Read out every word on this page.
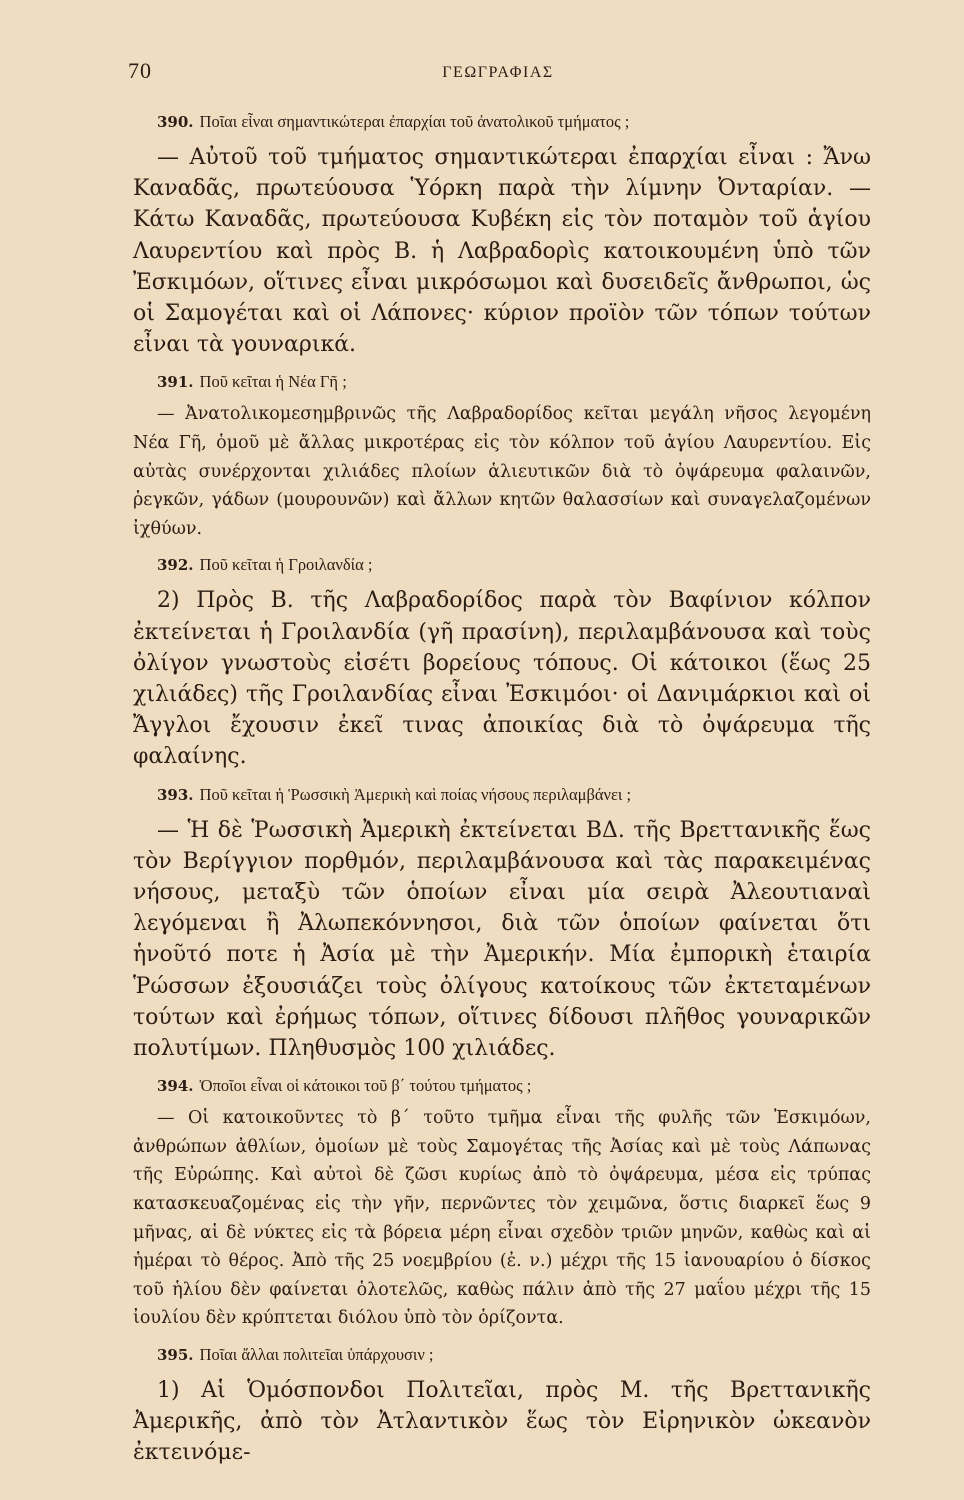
70	ΓΕΩΓΡΑΦΙΑΣ

390. Ποῖαι εἶναι σημαντικώτεραι ἐπαρχίαι τοῦ ἀνατολικοῦ τμήματος ;

— Αὐτοῦ τοῦ τμήματος σημαντικώτεραι ἐπαρχίαι εἶναι : Ἄνω Καναδᾶς, πρωτεύουσα Ὑόρκη παρὰ τὴν λίμνην Ὀνταρίαν. — Κάτω Καναδᾶς, πρωτεύουσα Κυβέκη εἰς τὸν ποταμὸν τοῦ ἁγίου Λαυρεντίου καὶ πρὸς Β. ἡ Λαβραδορὶς κατοικουμένη ὑπὸ τῶν Ἐσκιμόων, οἵτινες εἶναι μικρόσωμοι καὶ δυσειδεῖς ἄνθρωποι, ὡς οἱ Σαμογέται καὶ οἱ Λάπονες· κύριον προϊὸν τῶν τόπων τούτων εἶναι τὰ γουναρικά.

391. Ποῦ κεῖται ἡ Νέα Γῆ ;

— Ἀνατολικομεσημβρινῶς τῆς Λαβραδορίδος κεῖται μεγάλη νῆσος λεγομένη Νέα Γῆ, ὁμοῦ μὲ ἄλλας μικροτέρας εἰς τὸν κόλπον τοῦ ἁγίου Λαυρεντίου. Εἰς αὐτὰς συνέρχονται χιλιάδες πλοίων ἁλιευτικῶν διὰ τὸ ὀψάρευμα φαλαινῶν, ῥεγκῶν, γάδων (μουρουνῶν) καὶ ἄλλων κητῶν θαλασσίων καὶ συναγελαζομένων ἰχθύων.

392. Ποῦ κεῖται ἡ Γροιλανδία ;

2) Πρὸς Β. τῆς Λαβραδορίδος παρὰ τὸν Βαφίνιον κόλπον ἐκτείνεται ἡ Γροιλανδία (γῆ πρασίνη), περιλαμβάνουσα καὶ τοὺς ὀλίγον γνωστοὺς εἰσέτι βορείους τόπους. Οἱ κάτοικοι (ἕως 25 χιλιάδες) τῆς Γροιλανδίας εἶναι Ἐσκιμόοι· οἱ Δανιμάρκιοι καὶ οἱ Ἄγγλοι ἔχουσιν ἐκεῖ τινας ἀποικίας διὰ τὸ ὀψάρευμα τῆς φαλαίνης.

393. Ποῦ κεῖται ἡ Ῥωσσικὴ Ἀμερικὴ καὶ ποίας νήσους περιλαμβάνει ;

— Ἡ δὲ Ῥωσσικὴ Ἀμερικὴ ἐκτείνεται ΒΔ. τῆς Βρεττανικῆς ἕως τὸν Βερίγγιον πορθμόν, περιλαμβάνουσα καὶ τὰς παρακειμένας νήσους, μεταξὺ τῶν ὁποίων εἶναι μία σειρὰ Ἀλεουτιαναὶ λεγόμεναι ἢ Ἀλωπεκόννησοι, διὰ τῶν ὁποίων φαίνεται ὅτι ἡνοῦτό ποτε ἡ Ἀσία μὲ τὴν Ἀμερικήν. Μία ἐμπορικὴ ἑταιρία Ῥώσσων ἐξουσιάζει τοὺς ὀλίγους κατοίκους τῶν ἐκτεταμένων τούτων καὶ ἐρήμως τόπων, οἵτινες δίδουσι πλῆθος γουναρικῶν πολυτίμων. Πληθυσμὸς 100 χιλιάδες.

394. Ὁποῖοι εἶναι οἱ κάτοικοι τοῦ β΄ τούτου τμήματος ;

— Οἱ κατοικοῦντες τὸ β΄ τοῦτο τμῆμα εἶναι τῆς φυλῆς τῶν Ἐσκιμόων, ἀνθρώπων ἀθλίων, ὁμοίων μὲ τοὺς Σαμογέτας τῆς Ἀσίας καὶ μὲ τοὺς Λάπωνας τῆς Εὐρώπης. Καὶ αὐτοὶ δὲ ζῶσι κυρίως ἀπὸ τὸ ὀψάρευμα, μέσα εἰς τρύπας κατασκευαζομένας εἰς τὴν γῆν, περνῶντες τὸν χειμῶνα, ὅστις διαρκεῖ ἕως 9 μῆνας, αἱ δὲ νύκτες εἰς τὰ βόρεια μέρη εἶναι σχεδὸν τριῶν μηνῶν, καθὼς καὶ αἱ ἡμέραι τὸ θέρος. Ἀπὸ τῆς 25 νοεμβρίου (ἐ. ν.) μέχρι τῆς 15 ἰανουαρίου ὁ δίσκος τοῦ ἡλίου δὲν φαίνεται ὁλοτελῶς, καθὼς πάλιν ἀπὸ τῆς 27 μαΐου μέχρι τῆς 15 ἰουλίου δὲν κρύπτεται διόλου ὑπὸ τὸν ὁρίζοντα.

395. Ποῖαι ἄλλαι πολιτεῖαι ὑπάρχουσιν ;

1) Αἱ Ὁμόσπονδοι Πολιτεῖαι, πρὸς Μ. τῆς Βρεττανικῆς Ἀμερικῆς, ἀπὸ τὸν Ἀτλαντικὸν ἕως τὸν Εἰρηνικὸν ὠκεανὸν ἐκτεινόμε-
